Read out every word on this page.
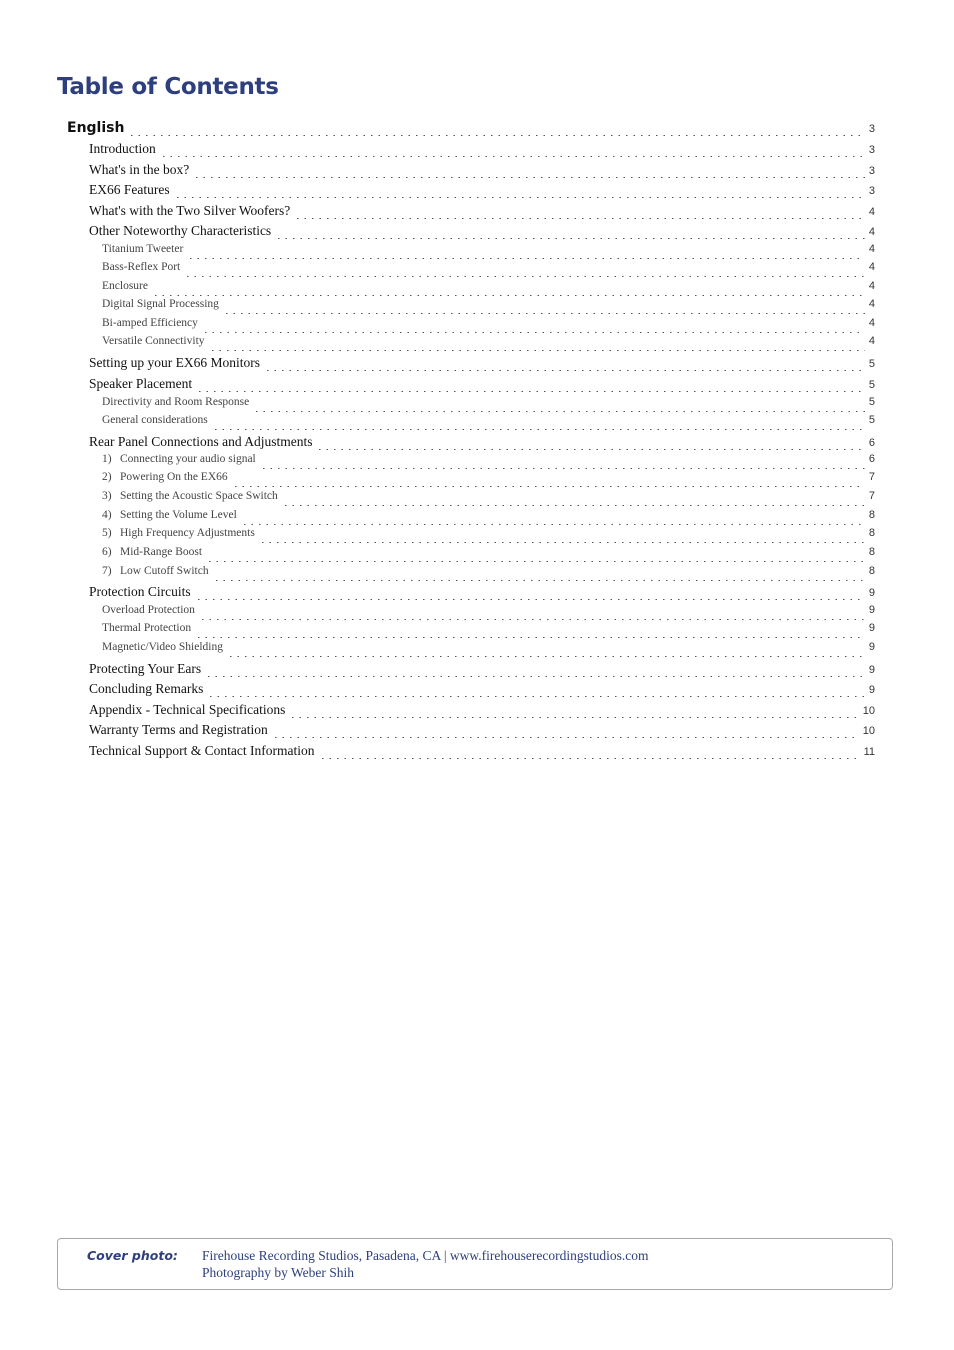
Table of Contents
English	3
Introduction	3
What's in the box?	3
EX66 Features	3
What's with the Two Silver Woofers?	4
Other Noteworthy Characteristics	4
Titanium Tweeter	4
Bass-Reflex Port	4
Enclosure	4
Digital Signal Processing	4
Bi-amped Efficiency	4
Versatile Connectivity	4
Setting up your EX66 Monitors	5
Speaker Placement	5
Directivity and Room Response	5
General considerations	5
Rear Panel Connections and Adjustments	6
1) Connecting your audio signal	6
2) Powering On the EX66	7
3) Setting the Acoustic Space Switch	7
4) Setting the Volume Level	8
5) High Frequency Adjustments	8
6) Mid-Range Boost	8
7) Low Cutoff Switch	8
Protection Circuits	9
Overload Protection	9
Thermal Protection	9
Magnetic/Video Shielding	9
Protecting Your Ears	9
Concluding Remarks	9
Appendix - Technical Specifications	10
Warranty Terms and Registration	10
Technical Support & Contact Information	11
Cover photo: Firehouse Recording Studios, Pasadena, CA | www.firehouserecordingstudios.com
Photography by Weber Shih
